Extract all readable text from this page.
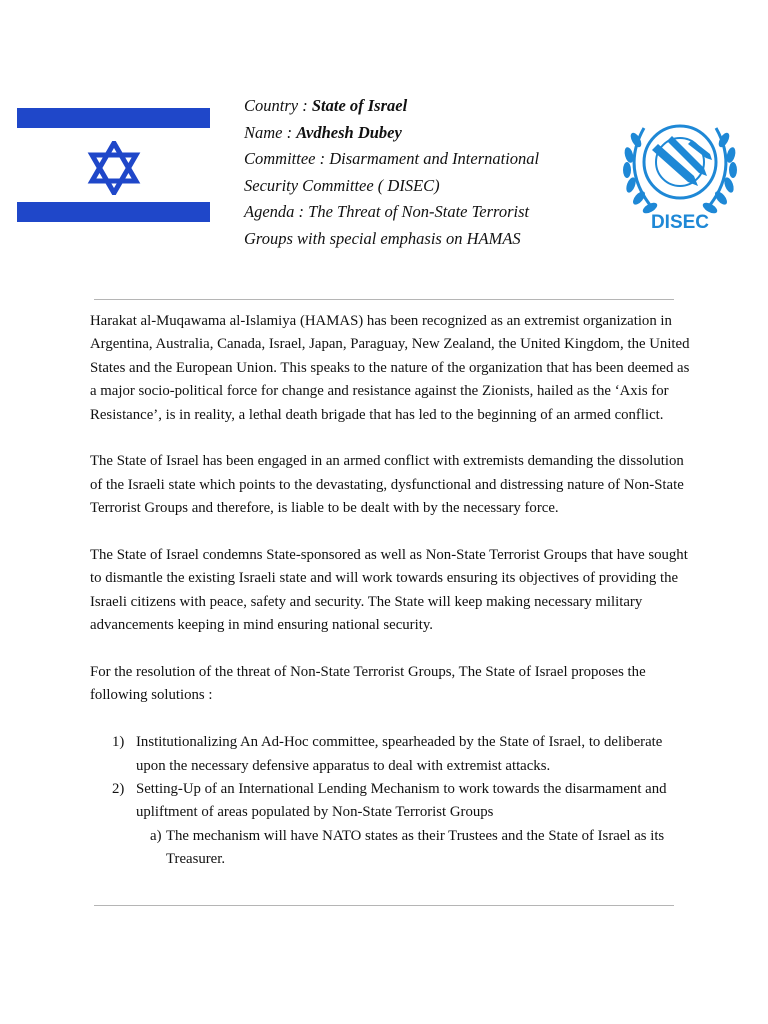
Country : State of Israel
Name : Avdhesh Dubey
Committee : Disarmament and International
Security Committee ( DISEC)
Agenda : The Threat of Non-State Terrorist
Groups with special emphasis on HAMAS
DISEC

Harakat al-Muqawama al-Islamiya (HAMAS) has been recognized as an extremist organization in Argentina, Australia, Canada, Israel, Japan, Paraguay, New Zealand, the United Kingdom, the United States and the European Union. This speaks to the nature of the organization that has been deemed as a major socio-political force for change and resistance against the Zionists, hailed as the ‘Axis for Resistance’, is in reality, a lethal death brigade that has led to the beginning of an armed conflict.

The State of Israel has been engaged in an armed conflict with extremists demanding the dissolution of the Israeli state which points to the devastating, dysfunctional and distressing nature of Non-State Terrorist Groups and therefore, is liable to be dealt with by the necessary force.

The State of Israel condemns State-sponsored as well as Non-State Terrorist Groups that have sought to dismantle the existing Israeli state and will work towards ensuring its objectives of providing the Israeli citizens with peace, safety and security. The State will keep making necessary military advancements keeping in mind ensuring national security.

For the resolution of the threat of Non-State Terrorist Groups, The State of Israel proposes the following solutions :

1) Institutionalizing An Ad-Hoc committee, spearheaded by the State of Israel, to deliberate upon the necessary defensive apparatus to deal with extremist attacks.
2) Setting-Up of an International Lending Mechanism to work towards the disarmament and upliftment of areas populated by Non-State Terrorist Groups
a) The mechanism will have NATO states as their Trustees and the State of Israel as its Treasurer.
